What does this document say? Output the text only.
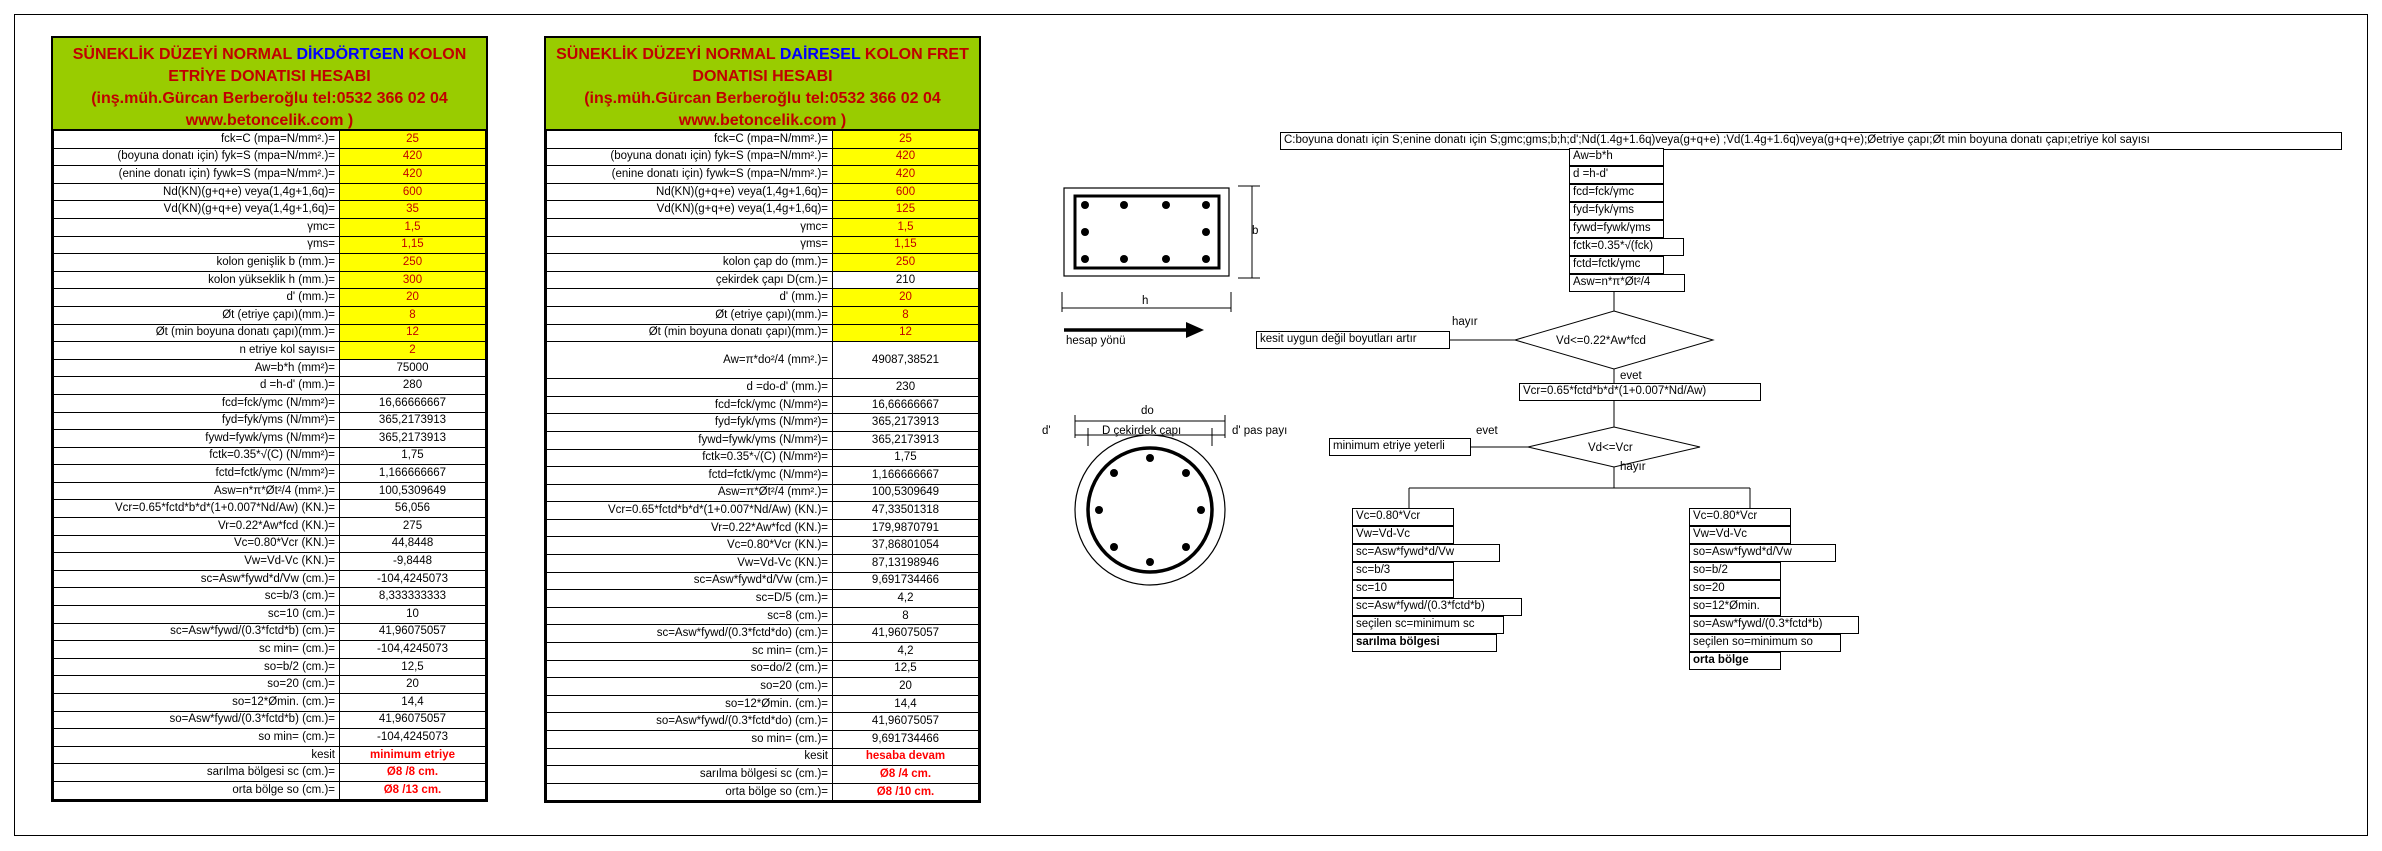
SÜNEKLİK DÜZEYİ NORMAL DİKDÖRTGEN KOLON
ETRİYE DONATISI HESABI
(inş.müh.Gürcan Berberoğlu tel:0532 366 02 04
www.betoncelik.com )
fck=C (mpa=N/mm².)=	25
(boyuna donatı için) fyk=S (mpa=N/mm².)=	420
(enine donatı için) fywk=S (mpa=N/mm².)=	420
Nd(KN)(g+q+e) veya(1,4g+1,6q)=	600
Vd(KN)(g+q+e) veya(1,4g+1,6q)=	35
γmc=	1,5
γms=	1,15
kolon genişlik b (mm.)=	250
kolon yükseklik h (mm.)=	300
d' (mm.)=	20
Øt (etriye çapı)(mm.)=	8
Øt (min boyuna donatı çapı)(mm.)=	12
n etriye kol sayısı=	2
Aw=b*h (mm²)=	75000
d =h-d' (mm.)=	280
fcd=fck/γmc (N/mm²)=	16,66666667
fyd=fyk/γms (N/mm²)=	365,2173913
fywd=fywk/γms (N/mm²)=	365,2173913
fctk=0.35*√(C) (N/mm²)=	1,75
fctd=fctk/γmc (N/mm²)=	1,166666667
Asw=n*π*Øt²/4 (mm².)=	100,5309649
Vcr=0.65*fctd*b*d*(1+0.007*Nd/Aw) (KN.)=	56,056
Vr=0.22*Aw*fcd (KN.)=	275
Vc=0.80*Vcr (KN.)=	44,8448
Vw=Vd-Vc (KN.)=	-9,8448
sc=Asw*fywd*d/Vw (cm.)=	-104,4245073
sc=b/3 (cm.)=	8,333333333
sc=10 (cm.)=	10
sc=Asw*fywd/(0.3*fctd*b) (cm.)=	41,96075057
sc min= (cm.)=	-104,4245073
so=b/2 (cm.)=	12,5
so=20 (cm.)=	20
so=12*Ømin. (cm.)=	14,4
so=Asw*fywd/(0.3*fctd*b) (cm.)=	41,96075057
so min= (cm.)=	-104,4245073
kesit	minimum etriye
sarılma bölgesi sc (cm.)=	Ø8 /8 cm.
orta bölge so (cm.)=	Ø8 /13 cm.
SÜNEKLİK DÜZEYİ NORMAL DAİRESEL KOLON FRET
DONATISI HESABI
(inş.müh.Gürcan Berberoğlu tel:0532 366 02 04
www.betoncelik.com )
fck=C (mpa=N/mm².)=	25
(boyuna donatı için) fyk=S (mpa=N/mm².)=	420
(enine donatı için) fywk=S (mpa=N/mm².)=	420
Nd(KN)(g+q+e) veya(1,4g+1,6q)=	600
Vd(KN)(g+q+e) veya(1,4g+1,6q)=	125
γmc=	1,5
γms=	1,15
kolon çap do (mm.)=	250
çekirdek çapı D(cm.)=	210
d' (mm.)=	20
Øt (etriye çapı)(mm.)=	8
Øt (min boyuna donatı çapı)(mm.)=	12
Aw=π*do²/4 (mm².)=	49087,38521
d =do-d' (mm.)=	230
fcd=fck/γmc (N/mm²)=	16,66666667
fyd=fyk/γms (N/mm²)=	365,2173913
fywd=fywk/γms (N/mm²)=	365,2173913
fctk=0.35*√(C) (N/mm²)=	1,75
fctd=fctk/γmc (N/mm²)=	1,166666667
Asw=π*Øt²/4 (mm².)=	100,5309649
Vcr=0.65*fctd*b*d*(1+0.007*Nd/Aw) (KN.)=	47,33501318
Vr=0.22*Aw*fcd (KN.)=	179,9870791
Vc=0.80*Vcr (KN.)=	37,86801054
Vw=Vd-Vc (KN.)=	87,13198946
sc=Asw*fywd*d/Vw (cm.)=	9,691734466
sc=D/5 (cm.)=	4,2
sc=8 (cm.)=	8
sc=Asw*fywd/(0.3*fctd*do) (cm.)=	41,96075057
sc min= (cm.)=	4,2
so=do/2 (cm.)=	12,5
so=20 (cm.)=	20
so=12*Ømin. (cm.)=	14,4
so=Asw*fywd/(0.3*fctd*do) (cm.)=	41,96075057
so min= (cm.)=	9,691734466
kesit	hesaba devam
sarılma bölgesi sc (cm.)=	Ø8 /4 cm.
orta bölge so (cm.)=	Ø8 /10 cm.
b
h
hesap yönü
do
d'	D çekirdek çapı	d' pas payı
C:boyuna donatı için S;enine donatı için S;gmc;gms;b;h;d';Nd(1.4g+1.6q)veya(g+q+e) ;Vd(1.4g+1.6q)veya(g+q+e);Øetriye çapı;Øt min boyuna donatı çapı;etriye kol sayısı
Aw=b*h
d =h-d'
fcd=fck/γmc
fyd=fyk/γms
fywd=fywk/γms
fctk=0.35*√(fck)
fctd=fctk/γmc
Asw=n*π*Øt²/4
Vd<=0.22*Aw*fcd
hayır
kesit uygun değil boyutları artır
evet
Vcr=0.65*fctd*b*d*(1+0.007*Nd/Aw)
Vd<=Vcr
evet
minimum etriye yeterli
hayır
Vc=0.80*Vcr
Vw=Vd-Vc
sc=Asw*fywd*d/Vw
sc=b/3
sc=10
sc=Asw*fywd/(0.3*fctd*b)
seçilen sc=minimum sc
sarılma bölgesi
Vc=0.80*Vcr
Vw=Vd-Vc
so=Asw*fywd*d/Vw
so=b/2
so=20
so=12*Ømin.
so=Asw*fywd/(0.3*fctd*b)
seçilen so=minimum so
orta bölge
